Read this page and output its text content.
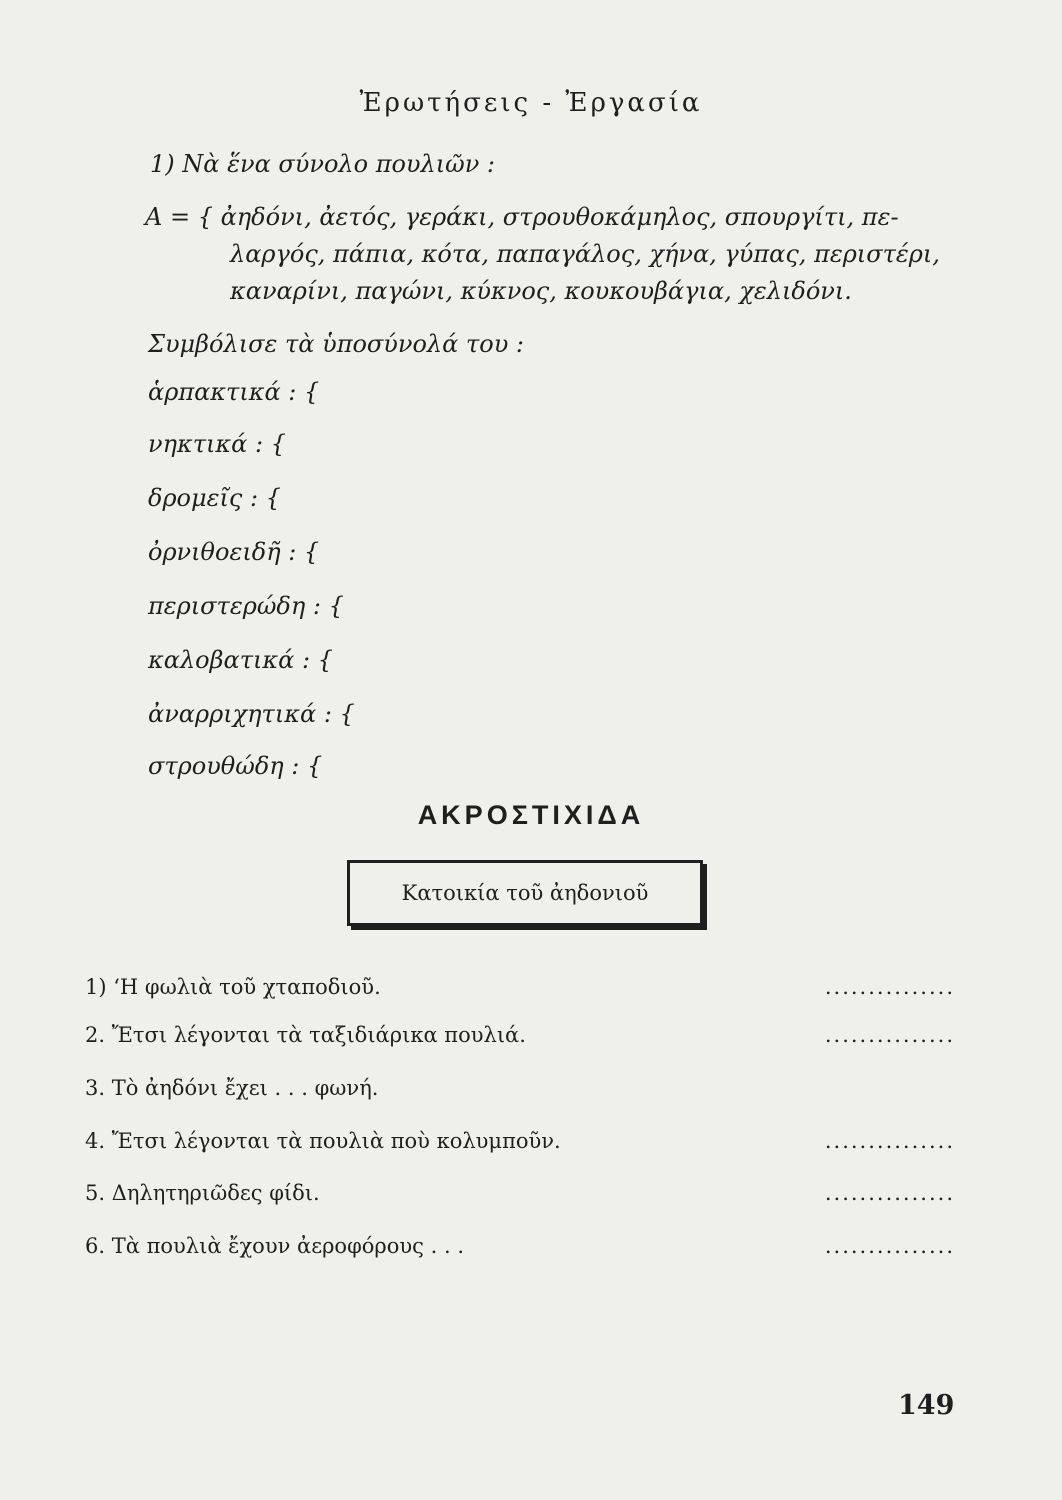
Ἐρωτήσεις - Ἐργασία
1) Νὰ ἕνα σύνολο πουλιῶν :
A = { ἀηδόνι, ἀετός, γεράκι, στρουθοκάμηλος, σπουργίτι, πε-
λαργός, πάπια, κότα, παπαγάλος, χήνα, γύπας, περιστέρι,
καναρίνι, παγώνι, κύκνος, κουκουβάγια, χελιδόνι.
Συμβόλισε τὰ ὑποσύνολά του :
ἁρπακτικά : {
νηκτικά : {
δρομεῖς : {
ὀρνιθοειδῆ : {
περιστερώδη : {
καλοβατικά : {
ἀναρριχητικά : {
στρουθώδη : {
ΑΚΡΟΣΤΙΧΙΔΑ
Κατοικία τοῦ ἀηδονιοῦ
1) ‘Η φωλιὰ τοῦ χταποδιοῦ.	...............
2. Ἔτσι λέγονται τὰ ταξιδιάρικα πουλιά.	...............
3. Τὸ ἀηδόνι ἔχει . . . φωνή.
4. Ἔτσι λέγονται τὰ πουλιὰ ποὺ κολυμποῦν.	...............
5. Δηλητηριῶδες φίδι.	...............
6. Τὰ πουλιὰ ἔχουν ἀεροφόρους . . .	...............
149
